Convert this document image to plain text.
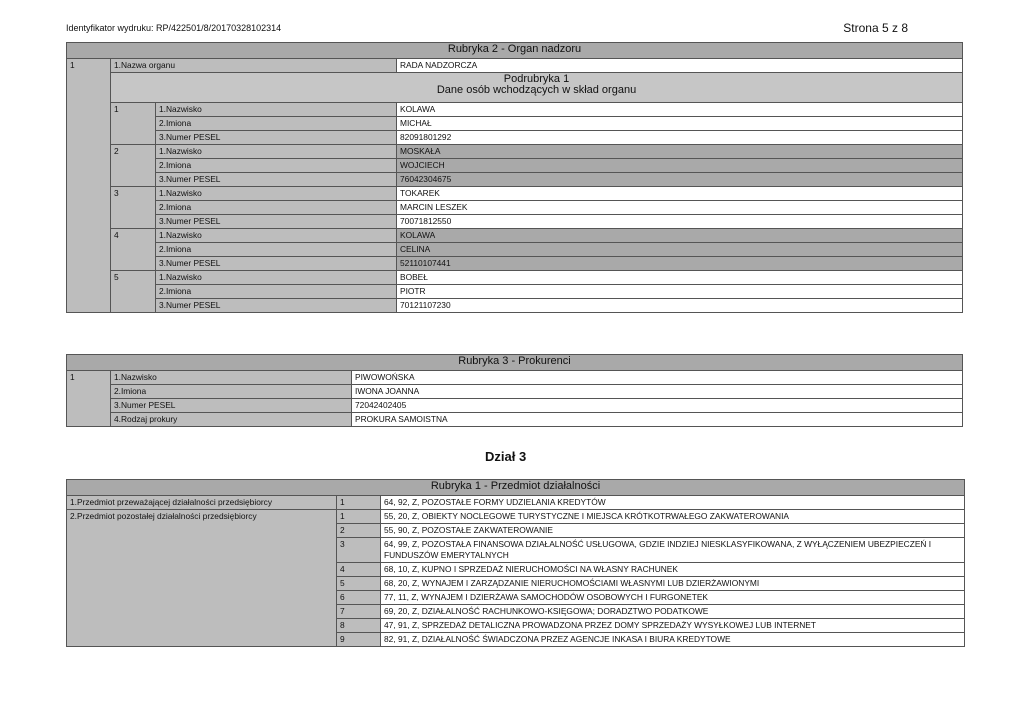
Identyfikator wydruku: RP/422501/8/20170328102314	Strona 5 z 8
Rubryka 2 - Organ nadzoru			
1	1.Nazwa organu		RADA NADZORCZA

	Podrubryka 1
Dane osób wchodzących w skład organu		

	1	1.Nazwisko	KOLAWA
		2.Imiona	MICHAŁ
		3.Numer PESEL	82091801292
	2	1.Nazwisko	MOSKAŁA
		2.Imiona	WOJCIECH
		3.Numer PESEL	76042304675
	3	1.Nazwisko	TOKAREK
		2.Imiona	MARCIN LESZEK
		3.Numer PESEL	70071812550
	4	1.Nazwisko	KOLAWA
		2.Imiona	CELINA
		3.Numer PESEL	52110107441
	5	1.Nazwisko	BOBEŁ
		2.Imiona	PIOTR
		3.Numer PESEL	70121107230
Rubryka 3 - Prokurenci		
1	1.Nazwisko	PIWOWOŃSKA
	2.Imiona	IWONA JOANNA
	3.Numer PESEL	72042402405
	4.Rodzaj prokury	PROKURA SAMOISTNA
Dział 3
Rubryka 1 - Przedmiot działalności		
1.Przedmiot przeważającej działalności przedsiębiorcy	1	64, 92, Z, POZOSTAŁE FORMY UDZIELANIA KREDYTÓW
2.Przedmiot pozostałej działalności przedsiębiorcy	1	55, 20, Z, OBIEKTY NOCLEGOWE TURYSTYCZNE I MIEJSCA KRÓTKOTRWAŁEGO ZAKWATEROWANIA
	2	55, 90, Z, POZOSTAŁE ZAKWATEROWANIE
	3	64, 99, Z, POZOSTAŁA FINANSOWA DZIAŁALNOŚĆ USŁUGOWA, GDZIE INDZIEJ NIESKLASYFIKOWANA, Z WYŁĄCZENIEM UBEZPIECZEŃ I FUNDUSZÓW EMERYTALNYCH
	4	68, 10, Z, KUPNO I SPRZEDAŻ NIERUCHOMOŚCI NA WŁASNY RACHUNEK
	5	68, 20, Z, WYNAJEM I ZARZĄDZANIE NIERUCHOMOŚCIAMI WŁASNYMI LUB DZIERŻAWIONYMI
	6	77, 11, Z, WYNAJEM I DZIERŻAWA SAMOCHODÓW OSOBOWYCH I FURGONETEK
	7	69, 20, Z, DZIAŁALNOŚĆ RACHUNKOWO-KSIĘGOWA; DORADZTWO PODATKOWE
	8	47, 91, Z, SPRZEDAŻ DETALICZNA PROWADZONA PRZEZ DOMY SPRZEDAŻY WYSYŁKOWEJ LUB INTERNET
	9	82, 91, Z, DZIAŁALNOŚĆ ŚWIADCZONA PRZEZ AGENCJE INKASA I BIURA KREDYTOWE
